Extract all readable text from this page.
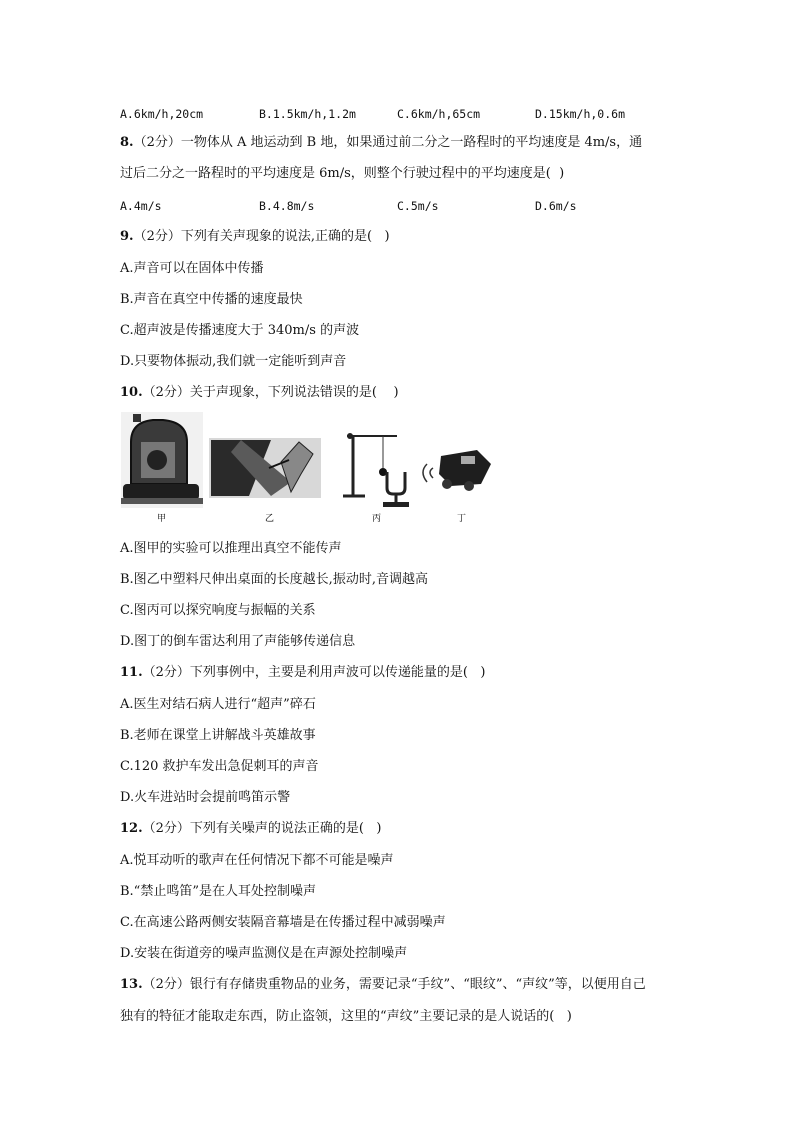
A.6km/h,20cm	B.1.5km/h,1.2m	C.6km/h,65cm	D.15km/h,0.6m
8.（2分）一物体从 A 地运动到 B 地，如果通过前二分之一路程时的平均速度是 4m/s，通
过后二分之一路程时的平均速度是 6m/s，则整个行驶过程中的平均速度是(  )
A.4m/s	B.4.8m/s	C.5m/s	D.6m/s
9.（2分）下列有关声现象的说法,正确的是(   )
A.声音可以在固体中传播
B.声音在真空中传播的速度最快
C.超声波是传播速度大于 340m/s 的声波
D.只要物体振动,我们就一定能听到声音
10.（2分）关于声现象，下列说法错误的是(    )
甲	乙	丙	丁
A.图甲的实验可以推理出真空不能传声
B.图乙中塑料尺伸出桌面的长度越长,振动时,音调越高
C.图丙可以探究响度与振幅的关系
D.图丁的倒车雷达利用了声能够传递信息
11.（2分）下列事例中，主要是利用声波可以传递能量的是(   )
A.医生对结石病人进行“超声”碎石
B.老师在课堂上讲解战斗英雄故事
C.120 救护车发出急促刺耳的声音
D.火车进站时会提前鸣笛示警
12.（2分）下列有关噪声的说法正确的是(   )
A.悦耳动听的歌声在任何情况下都不可能是噪声
B.“禁止鸣笛”是在人耳处控制噪声
C.在高速公路两侧安装隔音幕墙是在传播过程中减弱噪声
D.安装在街道旁的噪声监测仪是在声源处控制噪声
13.（2分）银行有存储贵重物品的业务，需要记录“手纹”、“眼纹”、“声纹”等，以便用自己
独有的特征才能取走东西，防止盗领，这里的“声纹”主要记录的是人说话的(   )
